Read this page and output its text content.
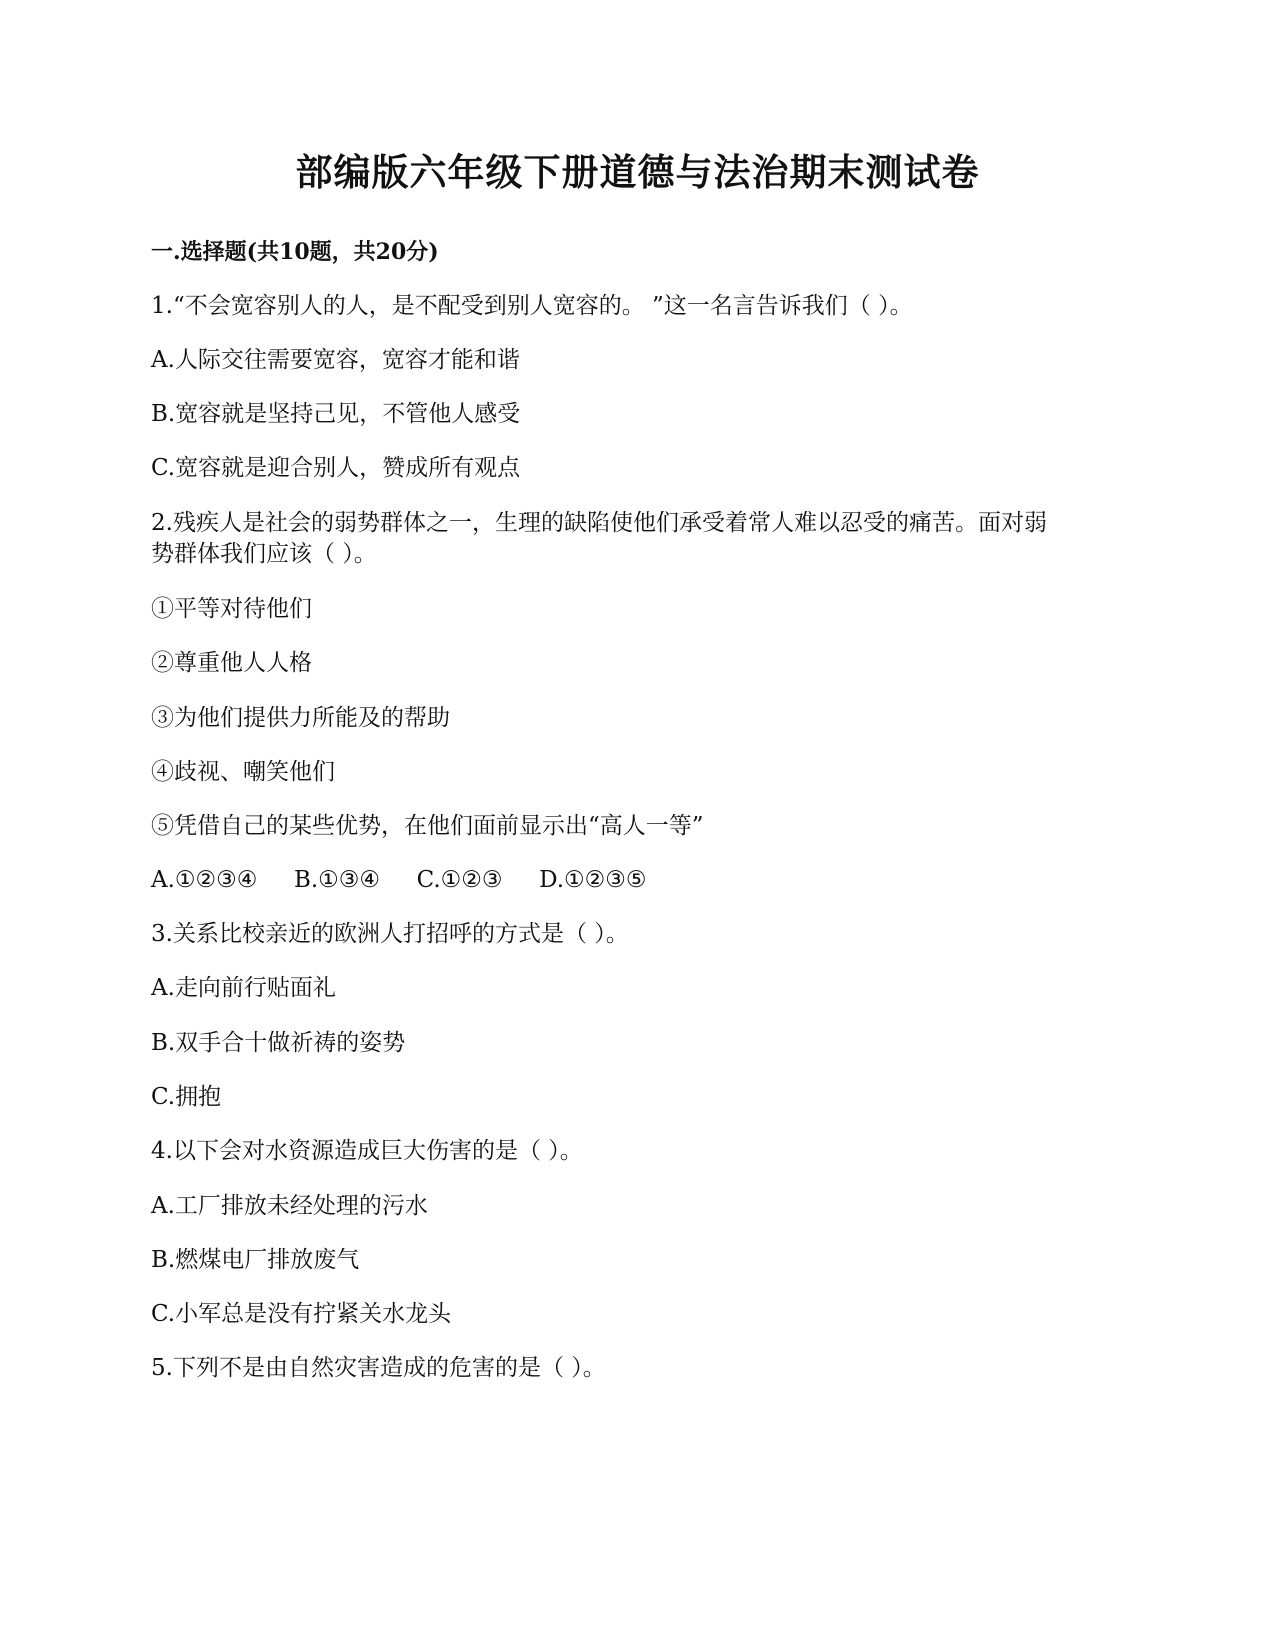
部编版六年级下册道德与法治期末测试卷
一.选择题(共10题，共20分)
1.“不会宽容别人的人，是不配受到别人宽容的。 ”这一名言告诉我们（ ）。
A.人际交往需要宽容，宽容才能和谐
B.宽容就是坚持己见，不管他人感受
C.宽容就是迎合别人，赞成所有观点
2.残疾人是社会的弱势群体之一，生理的缺陷使他们承受着常人难以忍受的痛苦。面对弱
势群体我们应该（ ）。
①平等对待他们
②尊重他人人格
③为他们提供力所能及的帮助
④歧视、嘲笑他们
⑤凭借自己的某些优势，在他们面前显示出“高人一等”
A.①②③④     B.①③④     C.①②③     D.①②③⑤
3.关系比校亲近的欧洲人打招呼的方式是（ ）。
A.走向前行贴面礼
B.双手合十做祈祷的姿势
C.拥抱
4.以下会对水资源造成巨大伤害的是（ ）。
A.工厂排放未经处理的污水
B.燃煤电厂排放废气
C.小军总是没有拧紧关水龙头
5.下列不是由自然灾害造成的危害的是（ ）。
